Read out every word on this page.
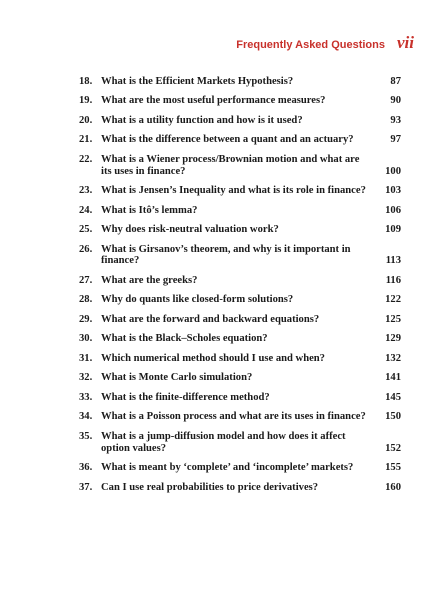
Frequently Asked Questions vii
18. What is the Efficient Markets Hypothesis?	87
19. What are the most useful performance measures?	90
20. What is a utility function and how is it used?	93
21. What is the difference between a quant and an actuary?	97
22. What is a Wiener process/Brownian motion and what are its uses in finance?	100
23. What is Jensen’s Inequality and what is its role in finance?	103
24. What is Itô’s lemma?	106
25. Why does risk-neutral valuation work?	109
26. What is Girsanov’s theorem, and why is it important in finance?	113
27. What are the greeks?	116
28. Why do quants like closed-form solutions?	122
29. What are the forward and backward equations?	125
30. What is the Black–Scholes equation?	129
31. Which numerical method should I use and when?	132
32. What is Monte Carlo simulation?	141
33. What is the finite-difference method?	145
34. What is a Poisson process and what are its uses in finance?	150
35. What is a jump-diffusion model and how does it affect option values?	152
36. What is meant by ‘complete’ and ‘incomplete’ markets?	155
37. Can I use real probabilities to price derivatives?	160
